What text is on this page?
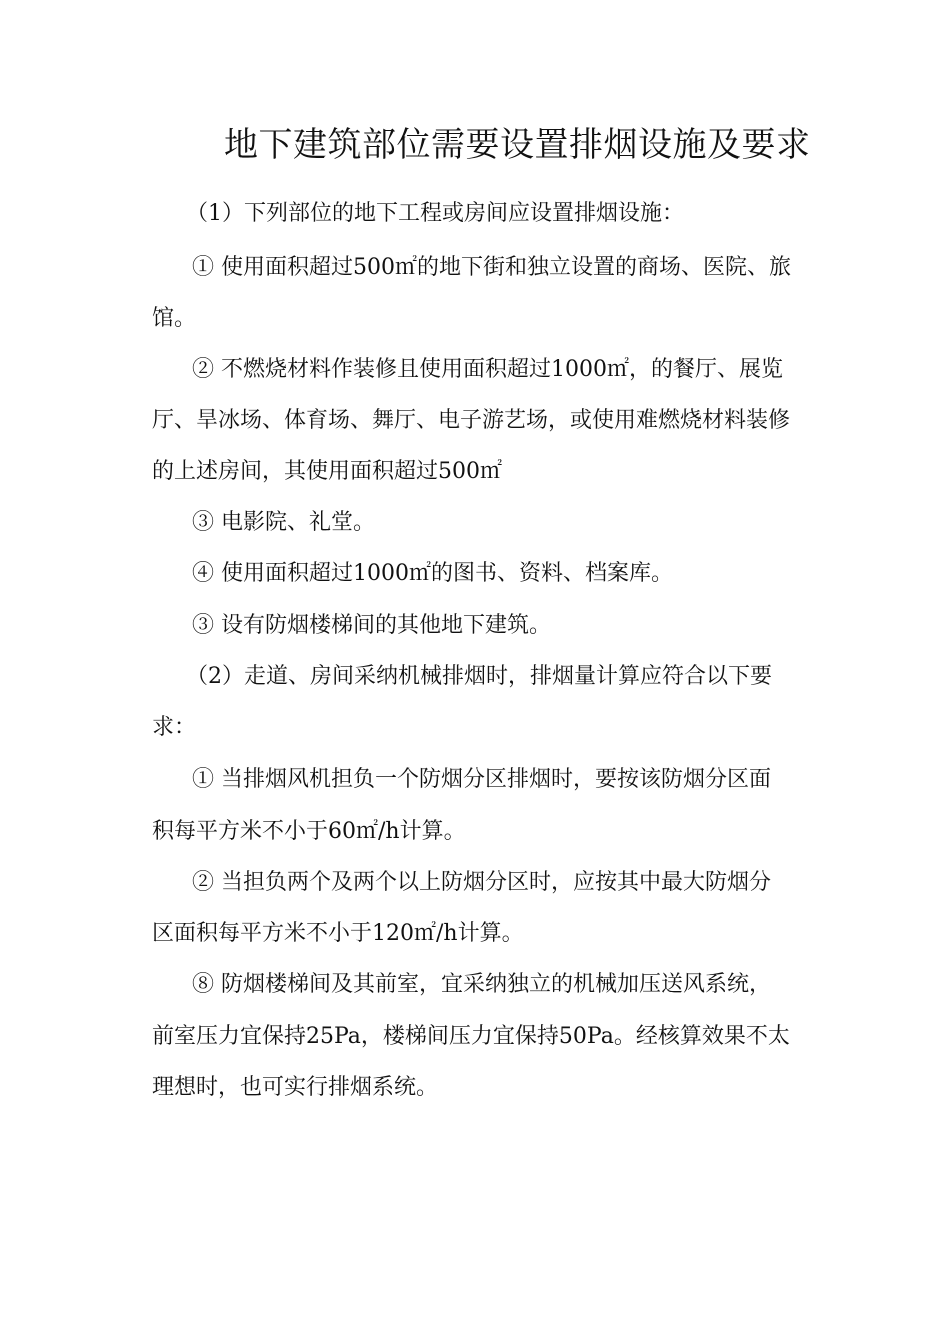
地下建筑部位需要设置排烟设施及要求
（1）下列部位的地下工程或房间应设置排烟设施：
① 使用面积超过500㎡的地下街和独立设置的商场、医院、旅
馆。
② 不燃烧材料作装修且使用面积超过1000㎡，的餐厅、展览
厅、旱冰场、体育场、舞厅、电子游艺场，或使用难燃烧材料装修
的上述房间，其使用面积超过500㎡
③ 电影院、礼堂。
④ 使用面积超过1000㎡的图书、资料、档案库。
③ 设有防烟楼梯间的其他地下建筑。
（2）走道、房间采纳机械排烟时，排烟量计算应符合以下要
求：
① 当排烟风机担负一个防烟分区排烟时，要按该防烟分区面
积每平方米不小于60㎡/h计算。
② 当担负两个及两个以上防烟分区时，应按其中最大防烟分
区面积每平方米不小于120㎡/h计算。
⑧ 防烟楼梯间及其前室，宜采纳独立的机械加压送风系统，
前室压力宜保持25Pa，楼梯间压力宜保持50Pa。经核算效果不太
理想时，也可实行排烟系统。
